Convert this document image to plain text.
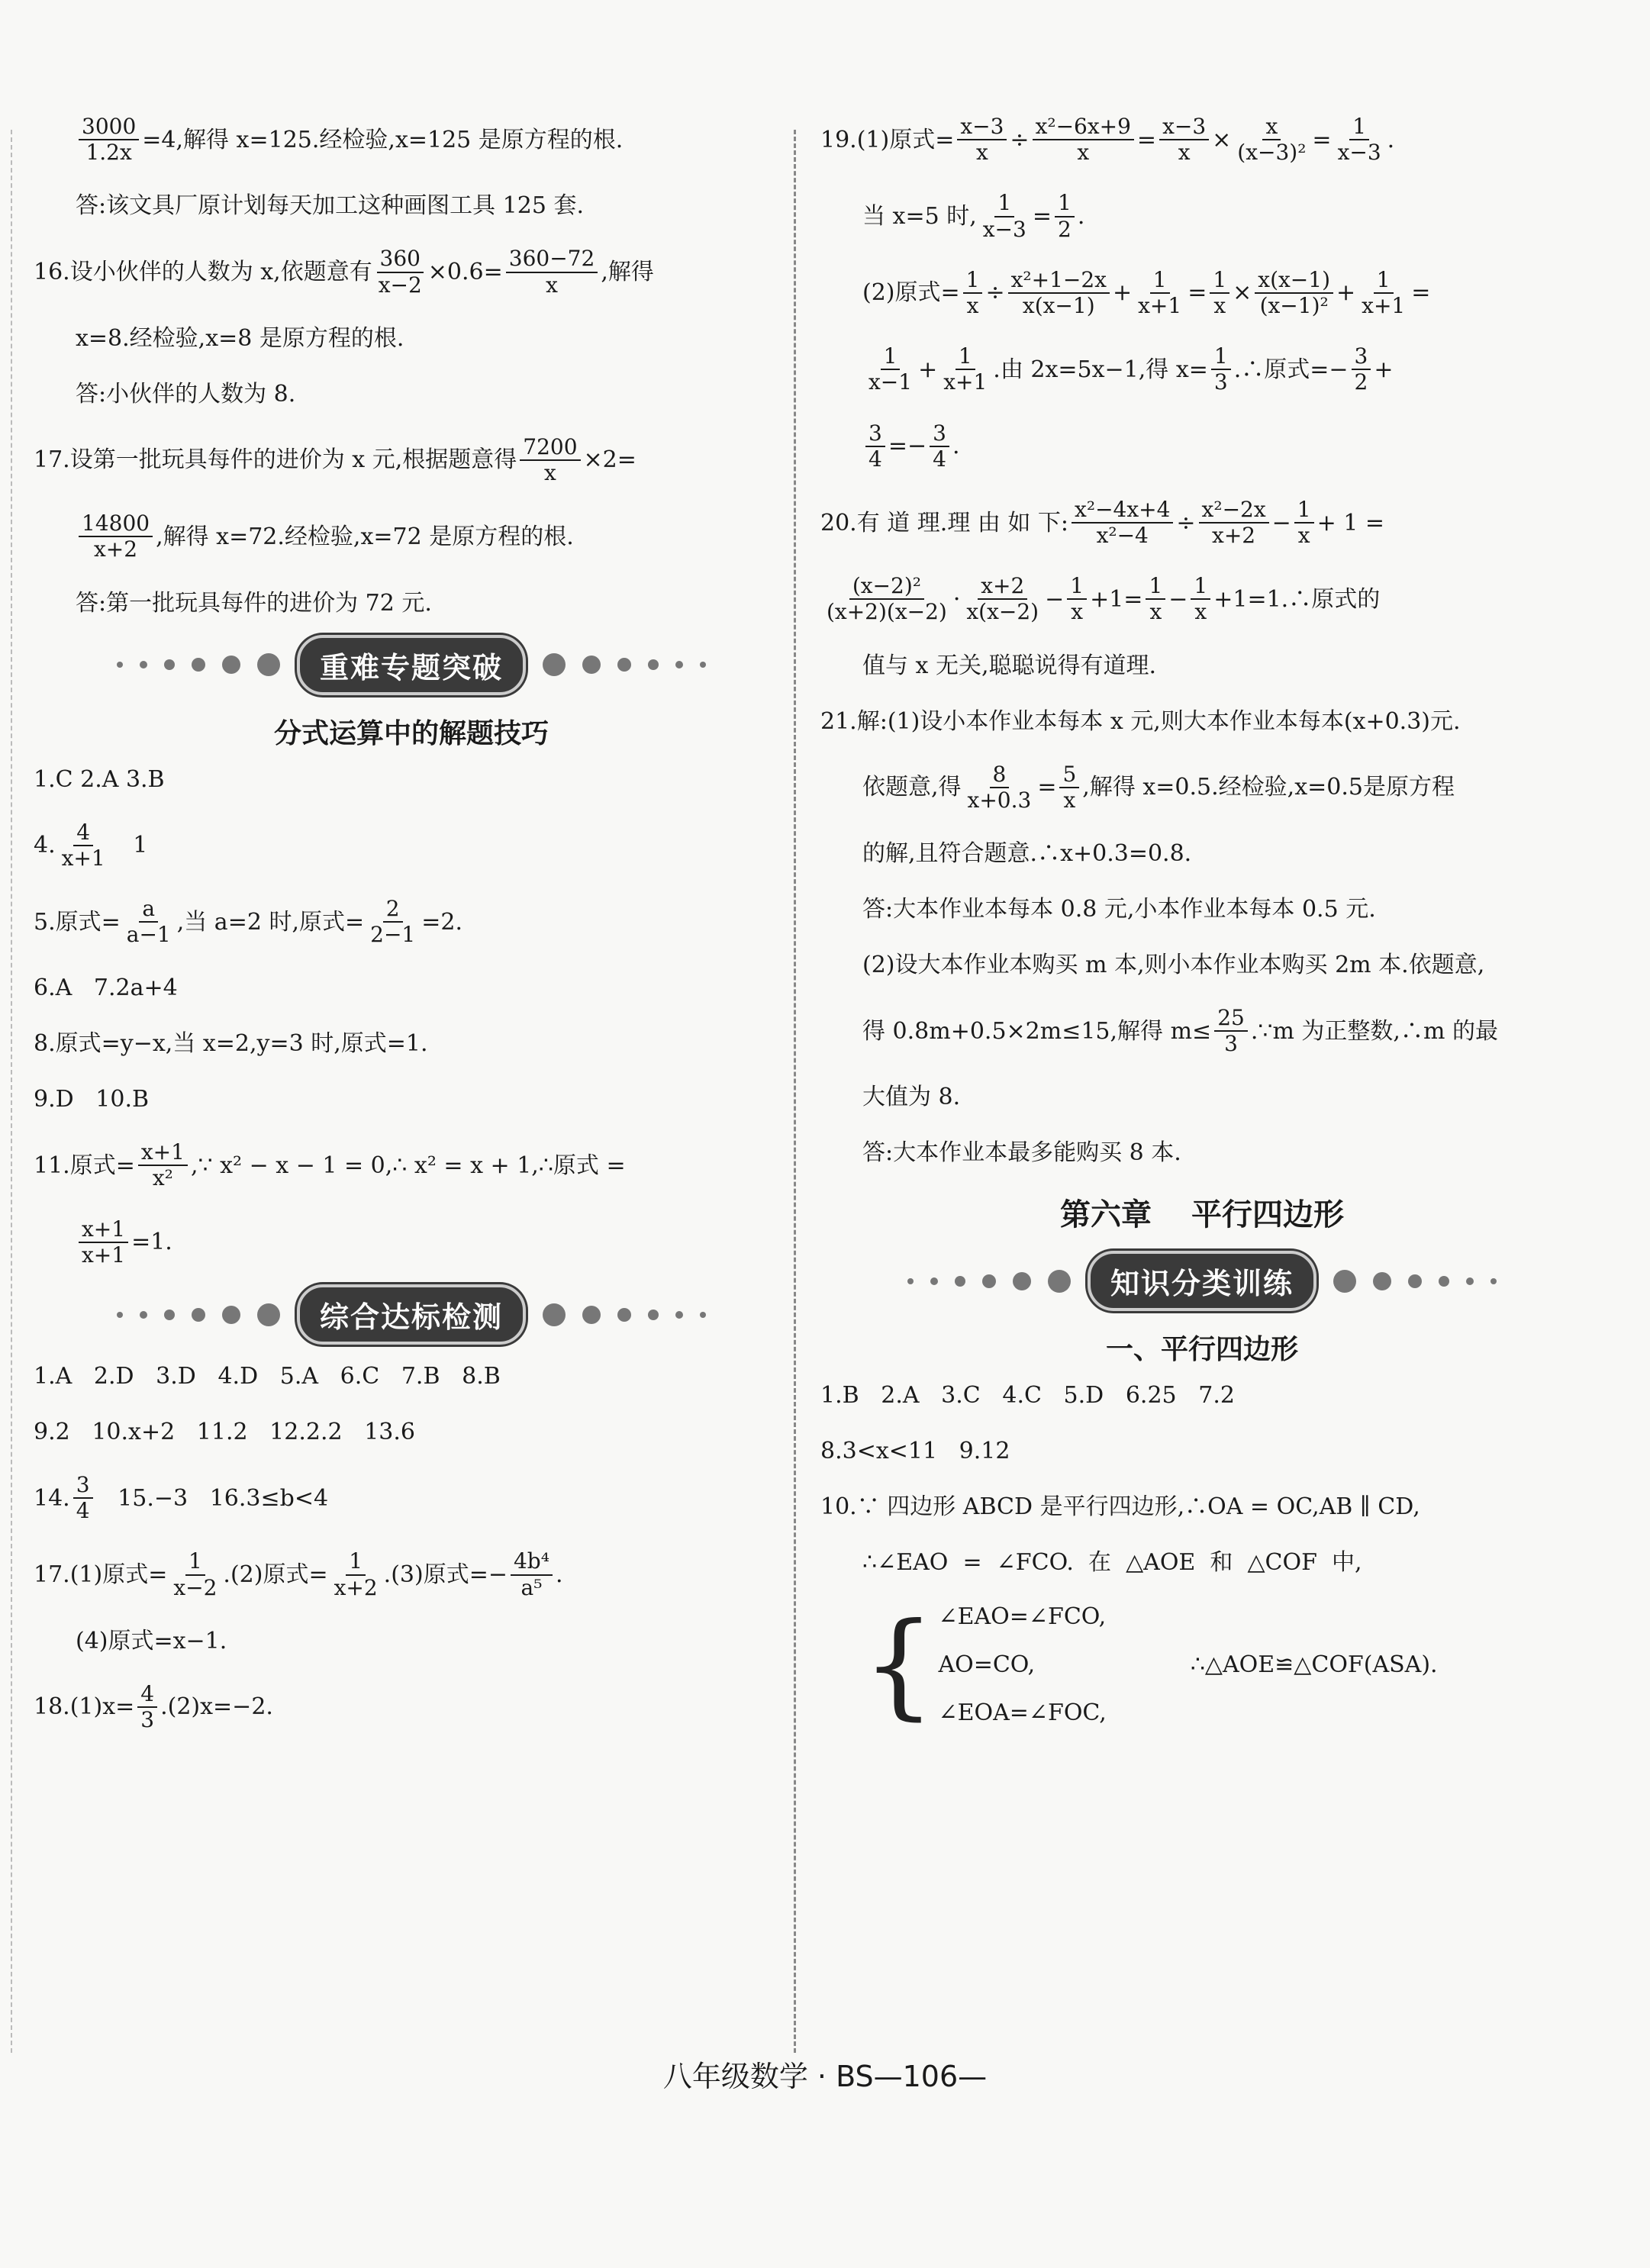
$\frac{3000}{1.2x} =4$,解得 x=125.经检验,x=125 是原方程的根.

答:该文具厂原计划每天加工这种画图工具 125 套.

16.设小伙伴的人数为 x,依题意有 $\frac{360}{x-2} \times 0.6= \frac{360-72}{x}$ ,解得

x=8.经检验,x=8 是原方程的根.

答:小伙伴的人数为 8.

17.设第一批玩具每件的进价为 x 元,根据题意得 $\frac{7200}{x} \times 2=$

$\frac{14800}{x+2}$ ,解得 x=72.经检验,x=72 是原方程的根.

答:第一批玩具每件的进价为 72 元.

重难专题突破
分式运算中的解题技巧

1.C 2.A 3.B

4. $\frac{4}{x+1} 1$

5.原式= $\frac{a}{a-1}$ ,当 a=2 时,原式= $\frac{2}{2-1} =2$.

6.A   7.2a+4

8.原式=y−x,当 x=2,y=3 时,原式=1.

9.D   10.B

11.原式= $\frac{x+1}{\text{x²}}$ ,∵ x² − x − 1 = 0,∴ x² = x + 1,∴原式 =

$\frac{x+1}{x+1} =1$.

综合达标检测

1.A   2.D   3.D   4.D   5.A   6.C   7.B   8.B

9.2   10.x+2   11.2   12.2.2   13.6

14. $\frac{3}{4} 15.-3$   16.3≤b<4

17.(1)原式= $\frac{1}{x-2} .(2)$原式= $\frac{1}{x+2} .(3)$原式=− $\frac{\text{4b⁴}}{\text{a⁵}}$ .

(4)原式=x−1.

$18.(1)x= \frac{4}{3} .(2)x=-2$.

19.(1)原式= $\frac{x-3}{x} \div \frac{\text{x²−6x+9}}{x} = \frac{x-3}{x} \times \frac{x}{\text{(x−3)²}} = \frac{1}{x-3}$ .

当 x=5 时, $\frac{1}{x-3} = \frac{1}{2}$ .

(2)原式= $\frac{1}{x} \div \frac{\text{x²+1−2x}}{x(x-1)} + \frac{1}{x+1} = \frac{1}{x} \times \frac{x(x-1)}{\text{(x−1)²}} + \frac{1}{x+1}$ =

$\frac{1}{x-1} + \frac{1}{x+1}$ .由 2x=5x−1,得 $x= \frac{1}{3}$ .∴原式=− $\frac{3}{2}$ +

$\frac{3}{4} =- \frac{3}{4}$ .

20.有 道 理.理 由 如 下: $\frac{\text{x²−4x+4}}{\text{x²−4}} \div \frac{\text{x²−2x}}{x+2} - \frac{1}{x} + 1$ =

$\frac{\text{(x−2)²}}{(x+2)(x-2)} \cdot \frac{x+2}{x(x-2)} - \frac{1}{x} +1= \frac{1}{x} - \frac{1}{x}$ +1=1.∴原式的

值与 x 无关,聪聪说得有道理.

21.解:(1)设小本作业本每本 x 元,则大本作业本每本(x+0.3)元.

依题意,得 $\frac{8}{x+0.3} = \frac{5}{x}$ ,解得 x=0.5.经检验,x=0.5是原方程

的解,且符合题意.∴x+0.3=0.8.

答:大本作业本每本 0.8 元,小本作业本每本 0.5 元.

(2)设大本作业本购买 m 本,则小本作业本购买 2m 本.依题意,

得 0.8m+0.5×2m≤15,解得 $m\le \frac{25}{3}$ .∵m 为正整数,∴m 的最

大值为 8.

答:大本作业本最多能购买 8 本.

第六章 平行四边形
知识分类训练
一、平行四边形

1.B   2.A   3.C   4.C   5.D   6.25   7.2

8.3<x<11   9.12

10.∵ 四边形 ABCD 是平行四边形,∴OA = OC,AB ∥ CD,

∴∠EAO  =  ∠FCO.  在  △AOE  和  △COF  中,

{ ∠EAO=∠FCO,
AO=CO,
∠EOA=∠FOC,
∴△AOE≌△COF(ASA).
八年级数学 · BS—106—
